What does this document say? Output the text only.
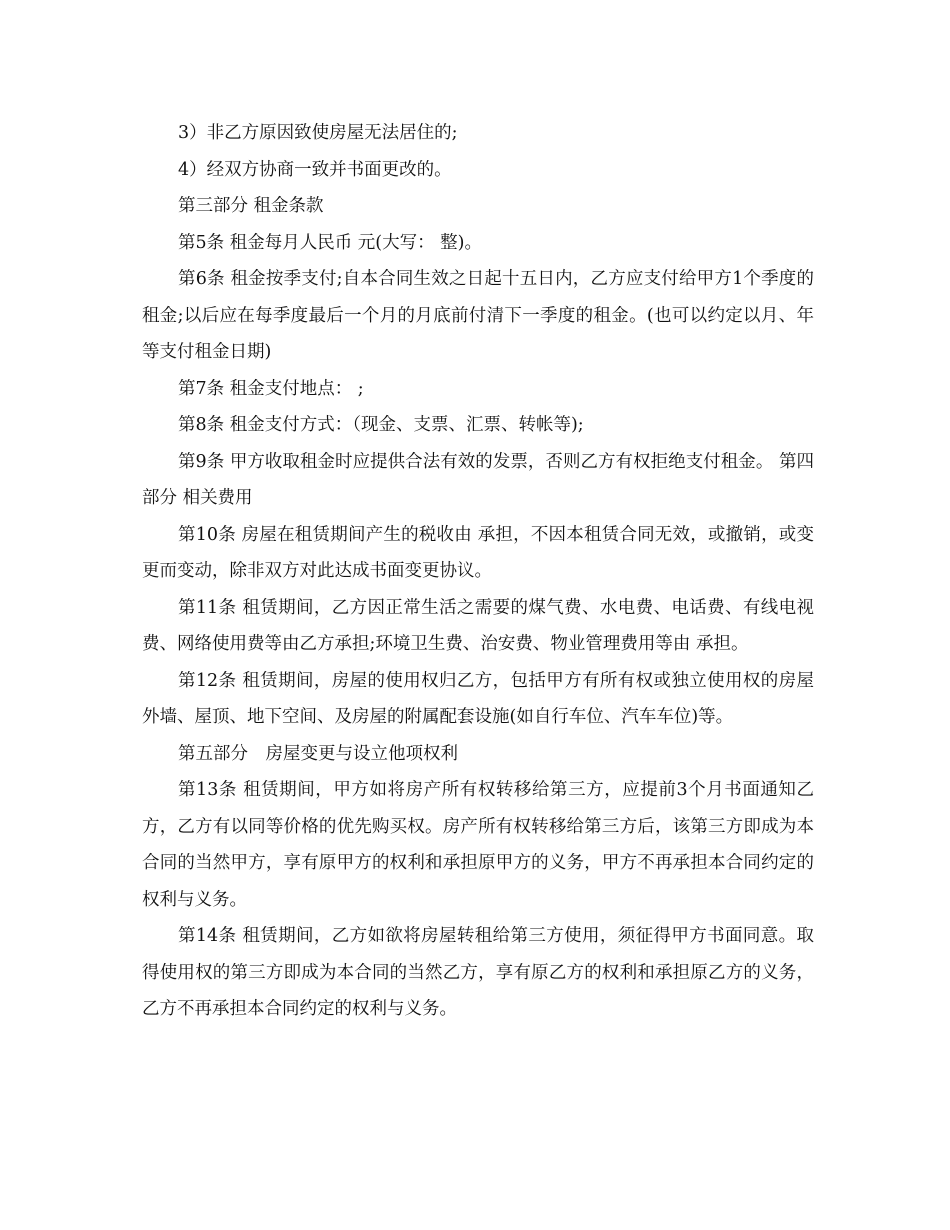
3）非乙方原因致使房屋无法居住的;

4）经双方协商一致并书面更改的。

第三部分 租金条款

第5条 租金每月人民币 元(大写： 整)。

第6条 租金按季支付;自本合同生效之日起十五日内，乙方应支付给甲方1个季度的租金;以后应在每季度最后一个月的月底前付清下一季度的租金。(也可以约定以月、年等支付租金日期)

第7条 租金支付地点： ;

第8条 租金支付方式：（现金、支票、汇票、转帐等);

第9条 甲方收取租金时应提供合法有效的发票，否则乙方有权拒绝支付租金。 第四部分 相关费用

第10条 房屋在租赁期间产生的税收由 承担，不因本租赁合同无效，或撤销，或变更而变动，除非双方对此达成书面变更协议。

第11条 租赁期间，乙方因正常生活之需要的煤气费、水电费、电话费、有线电视费、网络使用费等由乙方承担;环境卫生费、治安费、物业管理费用等由 承担。

第12条 租赁期间，房屋的使用权归乙方，包括甲方有所有权或独立使用权的房屋外墙、屋顶、地下空间、及房屋的附属配套设施(如自行车位、汽车车位)等。

第五部分　房屋变更与设立他项权利

第13条 租赁期间，甲方如将房产所有权转移给第三方，应提前3个月书面通知乙方，乙方有以同等价格的优先购买权。房产所有权转移给第三方后，该第三方即成为本合同的当然甲方，享有原甲方的权利和承担原甲方的义务，甲方不再承担本合同约定的权利与义务。

第14条 租赁期间，乙方如欲将房屋转租给第三方使用，须征得甲方书面同意。取得使用权的第三方即成为本合同的当然乙方，享有原乙方的权利和承担原乙方的义务，乙方不再承担本合同约定的权利与义务。
